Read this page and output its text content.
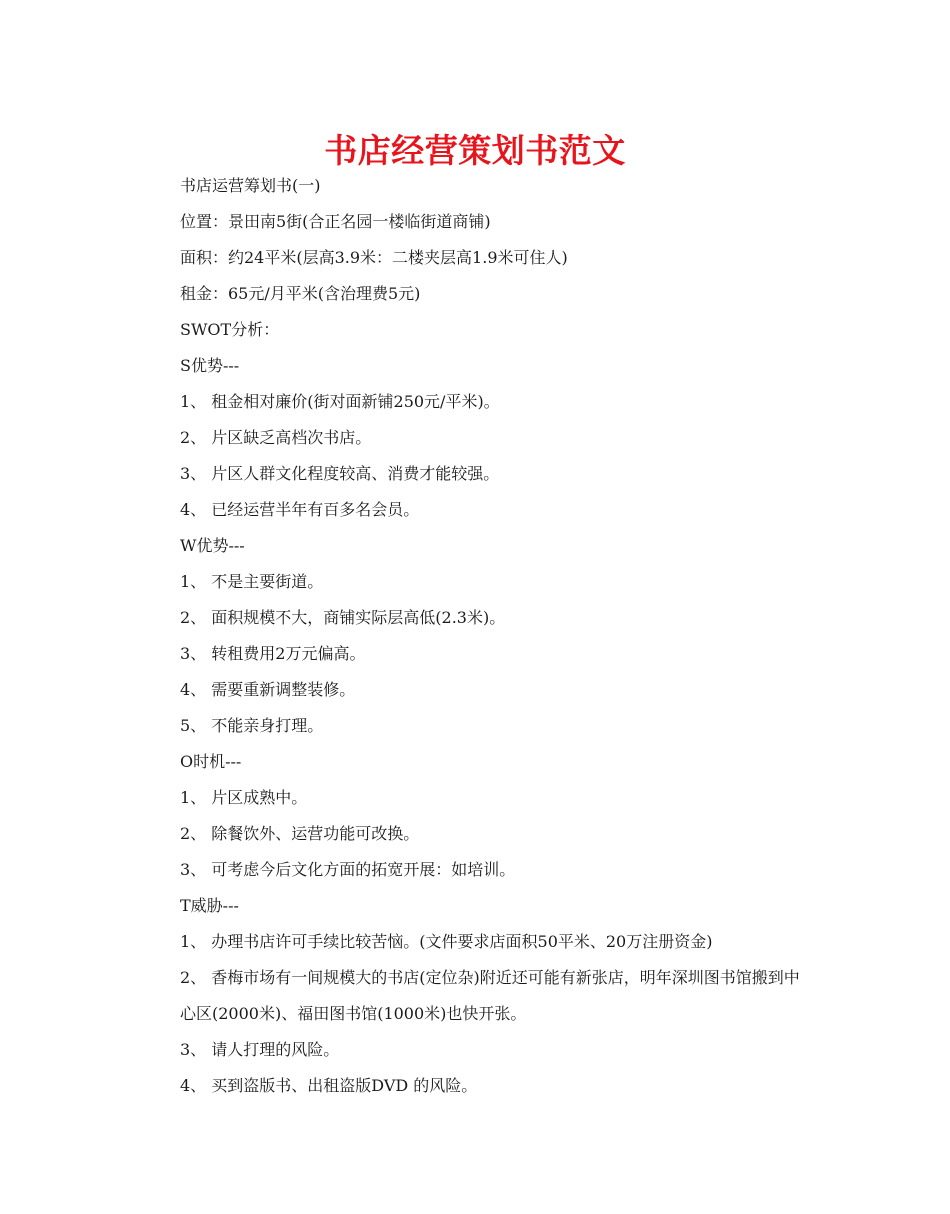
书店经营策划书范文
书店运营筹划书(一)
位置：景田南5街(合正名园一楼临街道商铺)
面积：约24平米(层高3.9米：二楼夹层高1.9米可住人)
租金：65元/月平米(含治理费5元)
SWOT分析：
S优势---
1、 租金相对廉价(街对面新铺250元/平米)。
2、 片区缺乏高档次书店。
3、 片区人群文化程度较高、消费才能较强。
4、 已经运营半年有百多名会员。
W优势---
1、 不是主要街道。
2、 面积规模不大，商铺实际层高低(2.3米)。
3、 转租费用2万元偏高。
4、 需要重新调整装修。
5、 不能亲身打理。
O时机---
1、 片区成熟中。
2、 除餐饮外、运营功能可改换。
3、 可考虑今后文化方面的拓宽开展：如培训。
T威胁---
1、 办理书店许可手续比较苦恼。(文件要求店面积50平米、20万注册资金)
2、 香梅市场有一间规模大的书店(定位杂)附近还可能有新张店，明年深圳图书馆搬到中心区(2000米)、福田图书馆(1000米)也快开张。
3、 请人打理的风险。
4、 买到盗版书、出租盗版DVD 的风险。
